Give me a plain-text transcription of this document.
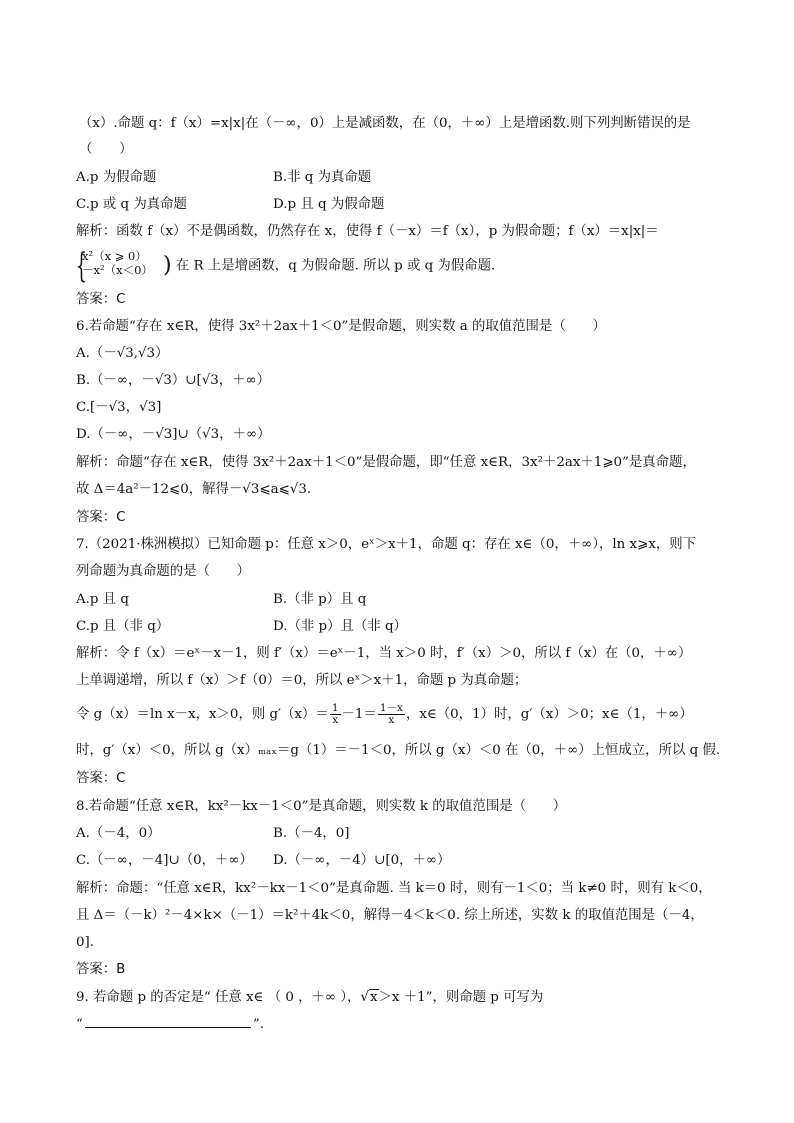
（x）.命题 q：f（x）=x|x|在（－∞，0）上是减函数，在（0，＋∞）上是增函数.则下列判断错误的是
（　　）
A.p 为假命题	B.非 q 为真命题
C.p 或 q 为真命题	D.p 且 q 为假命题
解析：函数 f（x）不是偶函数，仍然存在 x，使得 f（－x）＝f（x），p 为假命题；f（x）＝x|x|＝
{
x²（x ⩾ 0）
－x²（x＜0） ) 在 R 上是增函数，q 为假命题. 所以 p 或 q 为假命题.
答案：C
6.若命题“存在 x∈R，使得 3x²＋2ax＋1＜0”是假命题，则实数 a 的取值范围是（　　）
A.（－√3,√3）
B.（－∞，－√3）∪[√3，＋∞）
C.[－√3，√3]
D.（－∞，－√3]∪（√3，＋∞）
解析：命题“存在 x∈R，使得 3x²＋2ax＋1＜0”是假命题，即“任意 x∈R，3x²＋2ax＋1⩾0”是真命题，
故 Δ＝4a²－12⩽0，解得－√3⩽a⩽√3.
答案：C
7.（2021·株洲模拟）已知命题 p：任意 x＞0，eˣ＞x＋1，命题 q：存在 x∈（0，＋∞），ln x⩾x，则下
列命题为真命题的是（　　）
A.p 且 q	B.（非 p）且 q
C.p 且（非 q）	D.（非 p）且（非 q）
解析：令 f（x）＝eˣ－x－1，则 f′（x）＝eˣ－1，当 x＞0 时，f′（x）＞0，所以 f（x）在（0，＋∞）
上单调递增，所以 f（x）＞f（0）＝0，所以 eˣ＞x＋1，命题 p 为真命题；
令 g（x）＝ln x－x，x＞0，则 $g'(x)= \frac{1}{x} -1= \frac{1-x}{x}$ ，x∈（0，1）时，g′（x）＞0；x∈（1，＋∞）
时，g′（x）＜0，所以 g（x）ₘₐₓ＝g（1）＝－1＜0，所以 g（x）＜0 在（0，＋∞）上恒成立，所以 q 假.
答案：C
8.若命题“任意 x∈R，kx²－kx－1＜0”是真命题，则实数 k 的取值范围是（　　）
A.（－4，0）	B.（－4，0]
C.（－∞，－4]∪（0，＋∞） D.（－∞，－4）∪[0，＋∞）
解析：命题：“任意 x∈R，kx²－kx－1＜0”是真命题. 当 k＝0 时，则有－1＜0；当 k≠0 时，则有 k＜0，
且 Δ＝（－k）²－4×k×（－1）＝k²＋4k＜0，解得－4＜k＜0. 综上所述，实数 k 的取值范围是（－4，
0].
答案：B
9. 若命题 p 的否定是“ 任意 x∈ （ 0 ，＋∞ ），√x＞x ＋1”，则命题 p 可写为
“	”.
